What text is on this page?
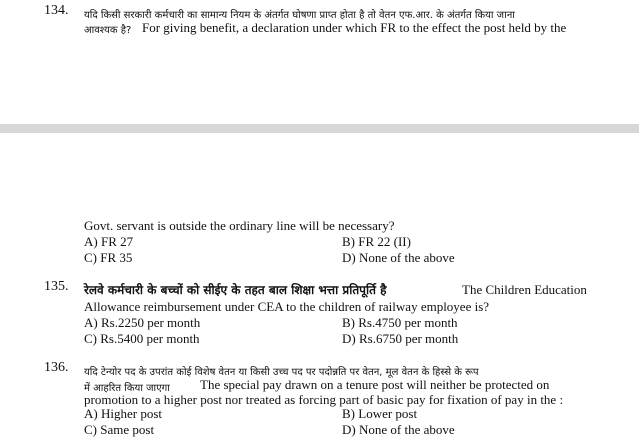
134. यदि किसी सरकारी कर्मचारी का सामान्य नियम के अंतर्गत घोषणा प्राप्त होता है तो वेतन एफ.आर. के अंतर्गत किया जाना
आवश्यक है? For giving benefit, a declaration under which FR to the effect the post held by the
Govt. servant is outside the ordinary line will be necessary?
A) FR 27	B) FR 22 (II)
C) FR 35	D) None of the above
135. रेलवे कर्मचारी के बच्चों को सीईए के तहत बाल शिक्षा भत्ता प्रतिपूर्ति है	The Children Education
Allowance reimbursement under CEA to the children of railway employee is?
A) Rs.2250 per month	B) Rs.4750 per month
C) Rs.5400 per month	D) Rs.6750 per month
136. यदि टेन्योर पद के उपरांत कोई विशेष वेतन या किसी उच्च पद पर पदोन्नति पर वेतन, मूल वेतन के हिस्से के रूप
में आहरित किया जाएगा The special pay drawn on a tenure post will neither be protected on
promotion to a higher post nor treated as forcing part of basic pay for fixation of pay in the :
A) Higher post	B) Lower post
C) Same post	D) None of the above
